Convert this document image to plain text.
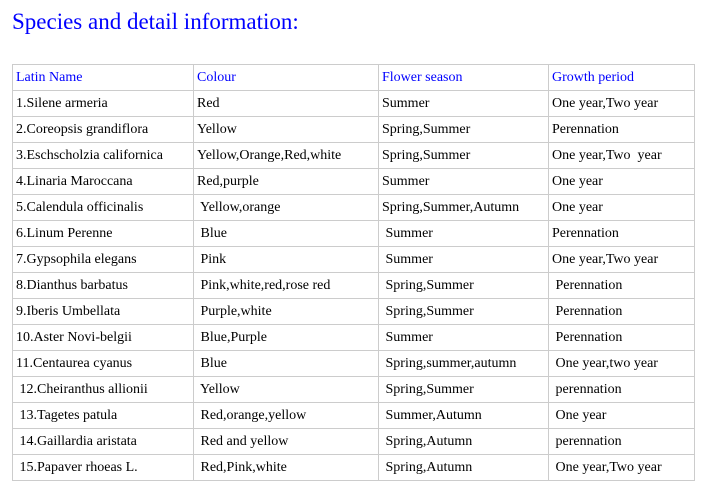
Species and detail information:
Latin Name	Colour	Flower season	Growth period
1.Silene armeria	Red	Summer	One year,Two year
2.Coreopsis grandiflora	Yellow	Spring,Summer	Perennation
3.Eschscholzia californica	Yellow,Orange,Red,white	Spring,Summer	One year,Two  year
4.Linaria Maroccana	Red,purple	Summer	One year
5.Calendula officinalis	Yellow,orange	Spring,Summer,Autumn	One year
6.Linum Perenne	Blue	Summer	Perennation
7.Gypsophila elegans	Pink	Summer	One year,Two year
8.Dianthus barbatus	Pink,white,red,rose red	Spring,Summer	Perennation
9.Iberis Umbellata	Purple,white	Spring,Summer	Perennation
10.Aster Novi-belgii	Blue,Purple	Summer	Perennation
11.Centaurea cyanus	Blue	Spring,summer,autumn	One year,two year
12.Cheiranthus allionii	Yellow	Spring,Summer	perennation
13.Tagetes patula	Red,orange,yellow	Summer,Autumn	One year
14.Gaillardia aristata	Red and yellow	Spring,Autumn	perennation
15.Papaver rhoeas L.	Red,Pink,white	Spring,Autumn	One year,Two year
